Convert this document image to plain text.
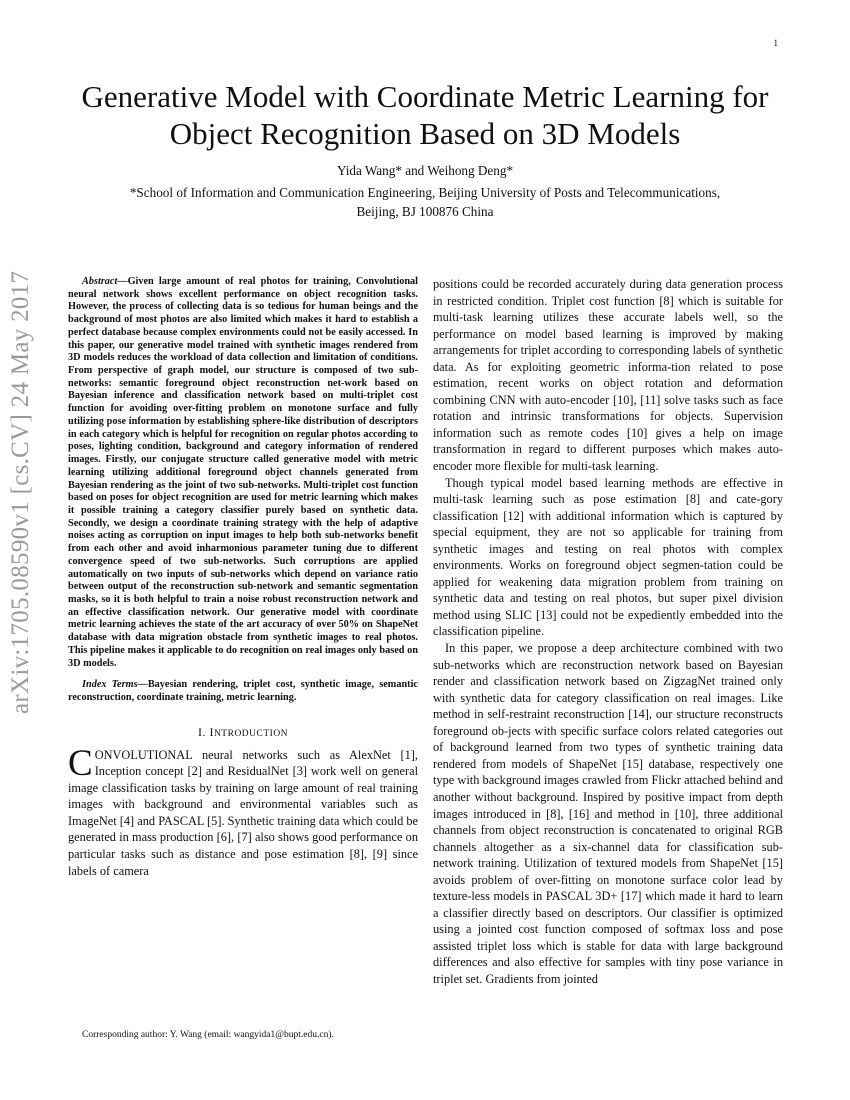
1
arXiv:1705.08590v1 [cs.CV] 24 May 2017
Generative Model with Coordinate Metric Learning for Object Recognition Based on 3D Models
Yida Wang* and Weihong Deng*
*School of Information and Communication Engineering, Beijing University of Posts and Telecommunications,
Beijing, BJ 100876 China

Abstract—Given large amount of real photos for training, Convolutional neural network shows excellent performance on object recognition tasks. However, the process of collecting data is so tedious for human beings and the background of most photos are also limited which makes it hard to establish a perfect database because complex environments could not be easily accessed. In this paper, our generative model trained with synthetic images rendered from 3D models reduces the workload of data collection and limitation of conditions. From perspective of graph model, our structure is composed of two sub-networks: semantic foreground object reconstruction net-work based on Bayesian inference and classification network based on multi-triplet cost function for avoiding over-fitting problem on monotone surface and fully utilizing pose information by establishing sphere-like distribution of descriptors in each category which is helpful for recognition on regular photos according to poses, lighting condition, background and category information of rendered images. Firstly, our conjugate structure called generative model with metric learning utilizing additional foreground object channels generated from Bayesian rendering as the joint of two sub-networks. Multi-triplet cost function based on poses for object recognition are used for metric learning which makes it possible training a category classifier purely based on synthetic data. Secondly, we design a coordinate training strategy with the help of adaptive noises acting as corruption on input images to help both sub-networks benefit from each other and avoid inharmonious parameter tuning due to different convergence speed of two sub-networks. Such corruptions are applied automatically on two inputs of sub-networks which depend on variance ratio between output of the reconstruction sub-network and semantic segmentation masks, so it is both helpful to train a noise robust reconstruction network and an effective classification network. Our generative model with coordinate metric learning achieves the state of the art accuracy of over 50% on ShapeNet database with data migration obstacle from synthetic images to real photos. This pipeline makes it applicable to do recognition on real images only based on 3D models.

Index Terms—Bayesian rendering, triplet cost, synthetic image, semantic reconstruction, coordinate training, metric learning.

I. INTRODUCTION

CONVOLUTIONAL neural networks such as AlexNet [1], Inception concept [2] and ResidualNet [3] work well on general image classification tasks by training on large amount of real training images with background and environmental variables such as ImageNet [4] and PASCAL [5]. Synthetic training data which could be generated in mass production [6], [7] also shows good performance on particular tasks such as distance and pose estimation [8], [9] since labels of camera

positions could be recorded accurately during data generation process in restricted condition. Triplet cost function [8] which is suitable for multi-task learning utilizes these accurate labels well, so the performance on model based learning is improved by making arrangements for triplet according to corresponding labels of synthetic data. As for exploiting geometric informa-tion related to pose estimation, recent works on object rotation and deformation combining CNN with auto-encoder [10], [11] solve tasks such as face rotation and intrinsic transformations for objects. Supervision information such as remote codes [10] gives a help on image transformation in regard to different purposes which makes auto-encoder more flexible for multi-task learning.

Though typical model based learning methods are effective in multi-task learning such as pose estimation [8] and cate-gory classification [12] with additional information which is captured by special equipment, they are not so applicable for training from synthetic images and testing on real photos with complex environments. Works on foreground object segmen-tation could be applied for weakening data migration problem from training on synthetic data and testing on real photos, but super pixel division method using SLIC [13] could not be expediently embedded into the classification pipeline.

In this paper, we propose a deep architecture combined with two sub-networks which are reconstruction network based on Bayesian render and classification network based on ZigzagNet trained only with synthetic data for category classification on real images. Like method in self-restraint reconstruction [14], our structure reconstructs foreground ob-jects with specific surface colors related categories out of background learned from two types of synthetic training data rendered from models of ShapeNet [15] database, respectively one type with background images crawled from Flickr attached behind and another without background. Inspired by positive impact from depth images introduced in [8], [16] and method in [10], three additional channels from object reconstruction is concatenated to original RGB channels altogether as a six-channel data for classification sub-network training. Utilization of textured models from ShapeNet [15] avoids problem of over-fitting on monotone surface color lead by texture-less models in PASCAL 3D+ [17] which made it hard to learn a classifier directly based on descriptors. Our classifier is optimized using a jointed cost function composed of softmax loss and pose assisted triplet loss which is stable for data with large background differences and also effective for samples with tiny pose variance in triplet set. Gradients from jointed

Corresponding author: Y. Wang (email: wangyida1@bupt.edu.cn).
